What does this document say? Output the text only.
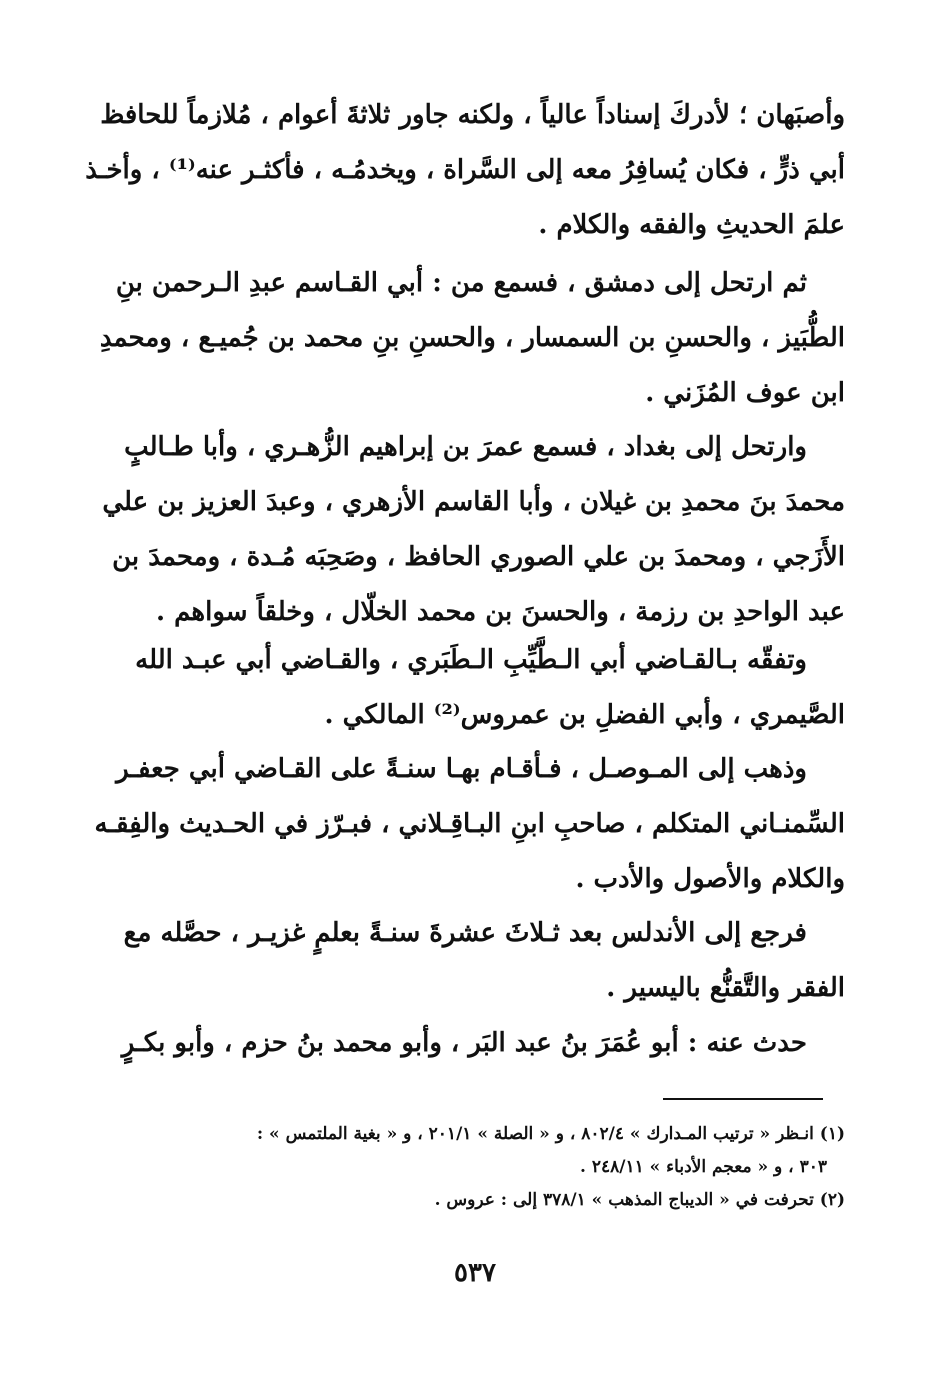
وأصبَهان ؛ لأدركَ إسناداً عالياً ، ولكنه جاور ثلاثةَ أعوام ، مُلازماً للحافظ
أبي ذرٍّ ، فكان يُسافِرُ معه إلى السَّراة ، ويخدمُـه ، فأكثـر عنه⁽¹⁾ ، وأخـذ
علمَ الحديثِ والفقه والكلام .
ثم ارتحل إلى دمشق ، فسمع من : أبي القـاسم عبدِ الـرحمن بنِ
الطُّبَيز ، والحسنِ بن السمسار ، والحسنِ بنِ محمد بن جُميـع ، ومحمدِ
ابن عوف المُزَني .
وارتحل إلى بغداد ، فسمع عمرَ بن إبراهيم الزُّهـري ، وأبا طـالبٍ
محمدَ بنَ محمدِ بن غيلان ، وأبا القاسم الأزهري ، وعبدَ العزيز بن علي
الأَزَجي ، ومحمدَ بن علي الصوري الحافظ ، وصَحِبَه مُـدة ، ومحمدَ بن
عبد الواحدِ بن رزمة ، والحسنَ بن محمد الخلّال ، وخلقاً سواهم .
وتفقّه بـالقـاضي أبي الـطَّيِّبِ الـطَبَري ، والقـاضي أبي عبـد الله
الصَّيمري ، وأبي الفضلِ بن عمروس⁽²⁾ المالكي .
وذهب إلى المـوصـل ، فـأقـام بهـا سنـةً على القـاضي أبي جعفـر
السِّمنـاني المتكلم ، صاحبِ ابنِ البـاقِـلاني ، فبـرّز في الحـديث والفِقـه
والكلام والأصول والأدب .
فرجع إلى الأندلس بعد ثـلاثَ عشرةَ سنـةً بعلمٍ غزيـر ، حصَّله مع
الفقر والتَّقنُّع باليسير .
حدث عنه : أبو عُمَرَ بنُ عبد البَر ، وأبو محمد بنُ حزم ، وأبو بكـرٍ
(١) انـظر « ترتيب المـدارك » ٨٠٢/٤ ، و « الصلة » ٢٠١/١ ، و « بغية الملتمس » :
٣٠٣ ، و « معجم الأدباء » ٢٤٨/١١ .
(٢) تحرفت في « الديباج المذهب » ٣٧٨/١ إلى : عروس .
٥٣٧
